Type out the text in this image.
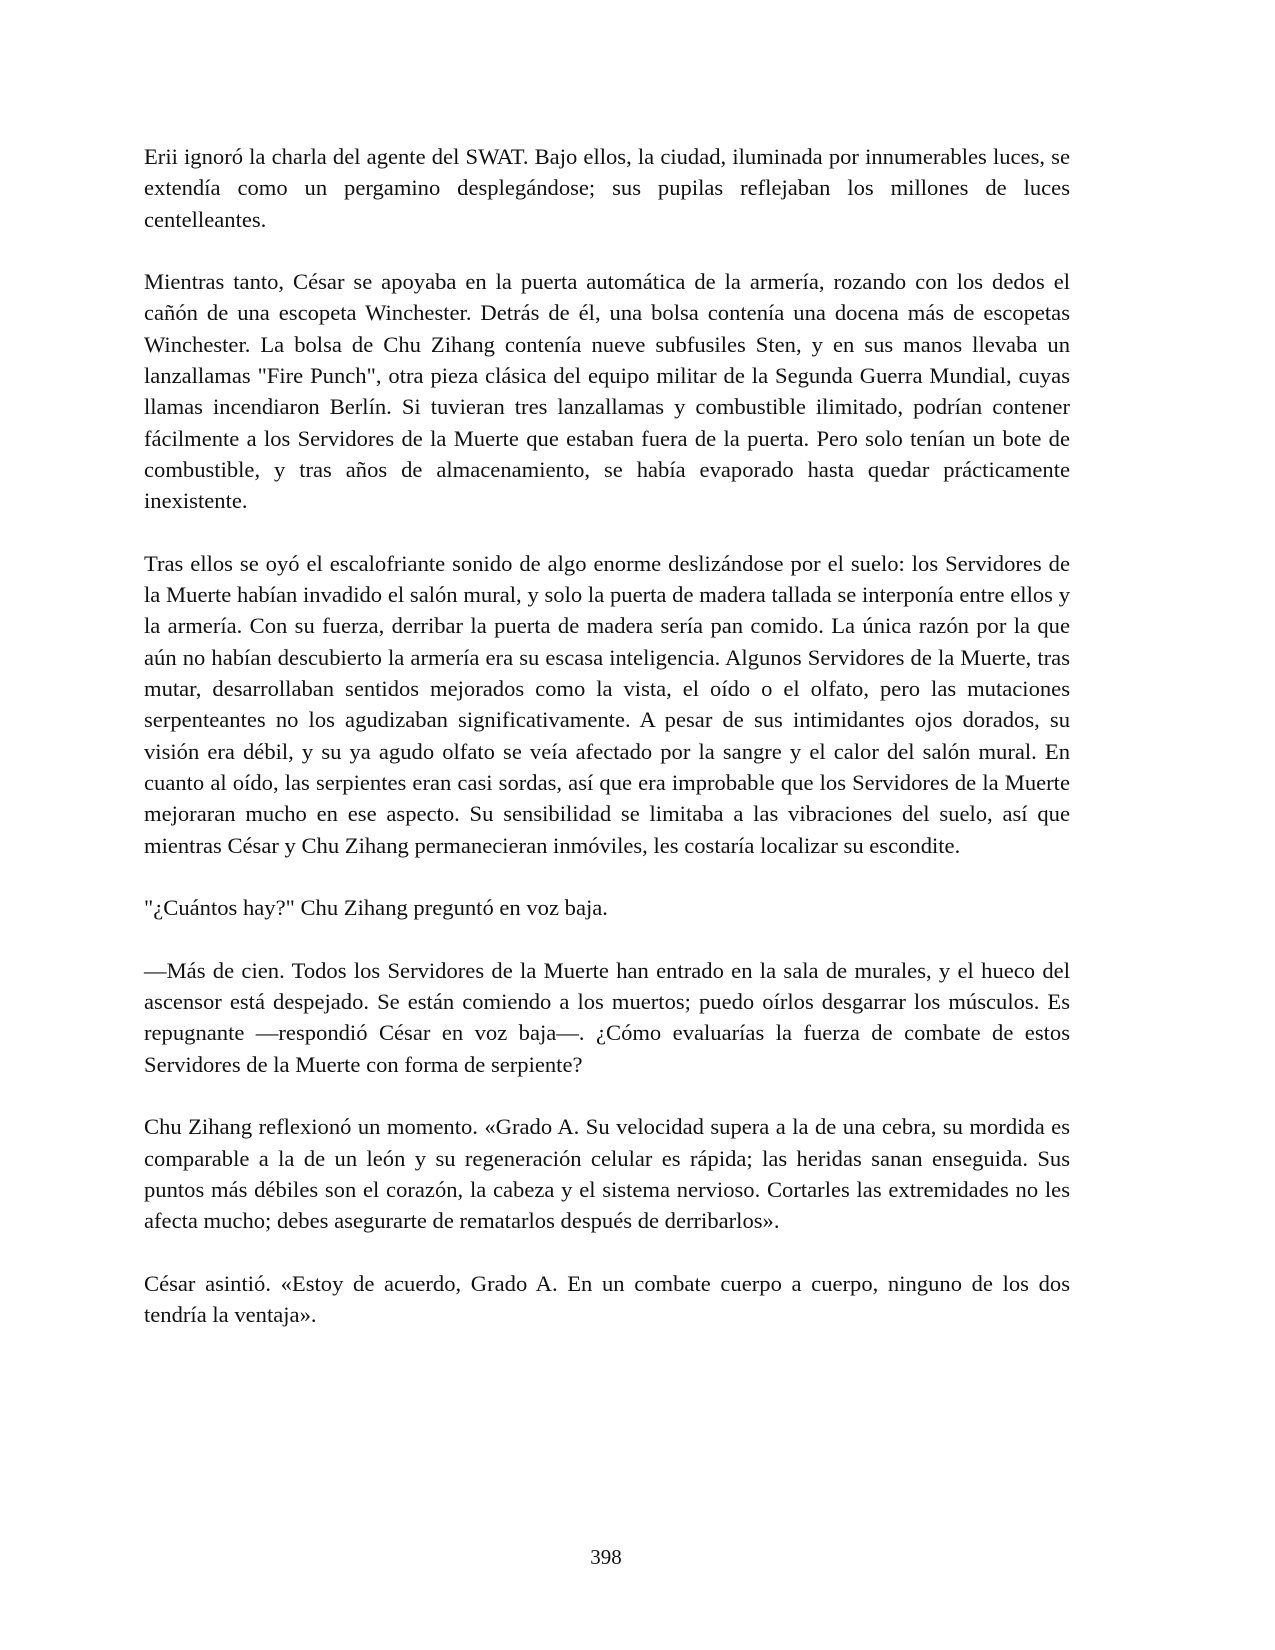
Erii ignoró la charla del agente del SWAT. Bajo ellos, la ciudad, iluminada por innumerables luces, se extendía como un pergamino desplegándose; sus pupilas reflejaban los millones de luces centelleantes.

Mientras tanto, César se apoyaba en la puerta automática de la armería, rozando con los dedos el cañón de una escopeta Winchester. Detrás de él, una bolsa contenía una docena más de escopetas Winchester. La bolsa de Chu Zihang contenía nueve subfusiles Sten, y en sus manos llevaba un lanzallamas "Fire Punch", otra pieza clásica del equipo militar de la Segunda Guerra Mundial, cuyas llamas incendiaron Berlín. Si tuvieran tres lanzallamas y combustible ilimitado, podrían contener fácilmente a los Servidores de la Muerte que estaban fuera de la puerta. Pero solo tenían un bote de combustible, y tras años de almacenamiento, se había evaporado hasta quedar prácticamente inexistente.

Tras ellos se oyó el escalofriante sonido de algo enorme deslizándose por el suelo: los Servidores de la Muerte habían invadido el salón mural, y solo la puerta de madera tallada se interponía entre ellos y la armería. Con su fuerza, derribar la puerta de madera sería pan comido. La única razón por la que aún no habían descubierto la armería era su escasa inteligencia. Algunos Servidores de la Muerte, tras mutar, desarrollaban sentidos mejorados como la vista, el oído o el olfato, pero las mutaciones serpenteantes no los agudizaban significativamente. A pesar de sus intimidantes ojos dorados, su visión era débil, y su ya agudo olfato se veía afectado por la sangre y el calor del salón mural. En cuanto al oído, las serpientes eran casi sordas, así que era improbable que los Servidores de la Muerte mejoraran mucho en ese aspecto. Su sensibilidad se limitaba a las vibraciones del suelo, así que mientras César y Chu Zihang permanecieran inmóviles, les costaría localizar su escondite.

"¿Cuántos hay?" Chu Zihang preguntó en voz baja.

—Más de cien. Todos los Servidores de la Muerte han entrado en la sala de murales, y el hueco del ascensor está despejado. Se están comiendo a los muertos; puedo oírlos desgarrar los músculos. Es repugnante —respondió César en voz baja—. ¿Cómo evaluarías la fuerza de combate de estos Servidores de la Muerte con forma de serpiente?

Chu Zihang reflexionó un momento. «Grado A. Su velocidad supera a la de una cebra, su mordida es comparable a la de un león y su regeneración celular es rápida; las heridas sanan enseguida. Sus puntos más débiles son el corazón, la cabeza y el sistema nervioso. Cortarles las extremidades no les afecta mucho; debes asegurarte de rematarlos después de derribarlos».

César asintió. «Estoy de acuerdo, Grado A. En un combate cuerpo a cuerpo, ninguno de los dos tendría la ventaja».

398
